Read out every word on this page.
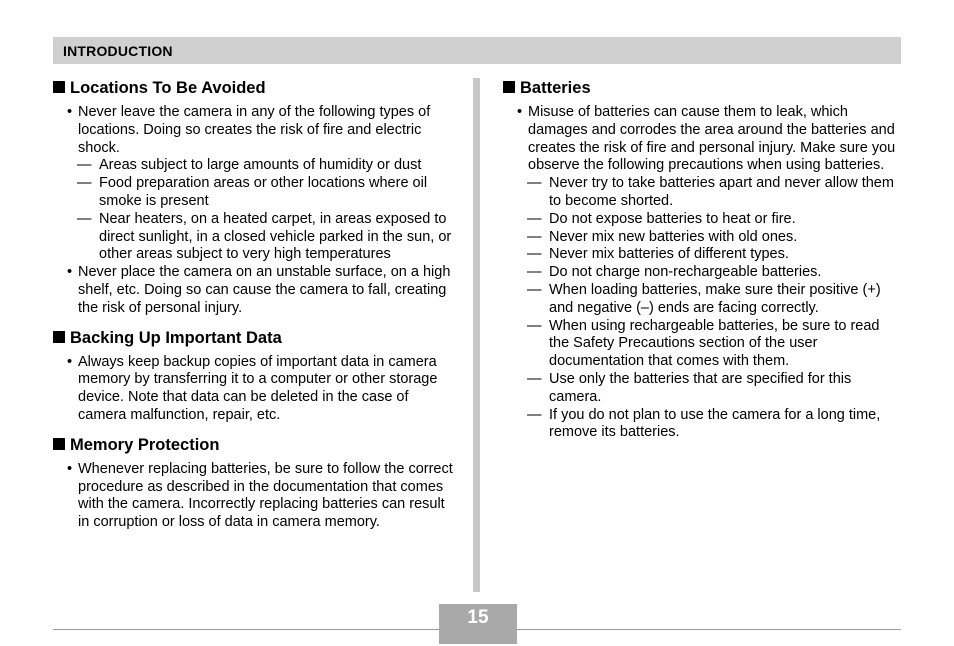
INTRODUCTION
Locations To Be Avoided
• Never leave the camera in any of the following types of locations. Doing so creates the risk of fire and electric shock.
— Areas subject to large amounts of humidity or dust
— Food preparation areas or other locations where oil smoke is present
— Near heaters, on a heated carpet, in areas exposed to direct sunlight, in a closed vehicle parked in the sun, or other areas subject to very high temperatures
• Never place the camera on an unstable surface, on a high shelf, etc. Doing so can cause the camera to fall, creating the risk of personal injury.
Backing Up Important Data
• Always keep backup copies of important data in camera memory by transferring it to a computer or other storage device. Note that data can be deleted in the case of camera malfunction, repair, etc.
Memory Protection
• Whenever replacing batteries, be sure to follow the correct procedure as described in the documentation that comes with the camera. Incorrectly replacing batteries can result in corruption or loss of data in camera memory.
Batteries
• Misuse of batteries can cause them to leak, which damages and corrodes the area around the batteries and creates the risk of fire and personal injury. Make sure you observe the following precautions when using batteries.
— Never try to take batteries apart and never allow them to become shorted.
— Do not expose batteries to heat or fire.
— Never mix new batteries with old ones.
— Never mix batteries of different types.
— Do not charge non-rechargeable batteries.
— When loading batteries, make sure their positive (+) and negative (–) ends are facing correctly.
— When using rechargeable batteries, be sure to read the Safety Precautions section of the user documentation that comes with them.
— Use only the batteries that are specified for this camera.
— If you do not plan to use the camera for a long time, remove its batteries.
15
